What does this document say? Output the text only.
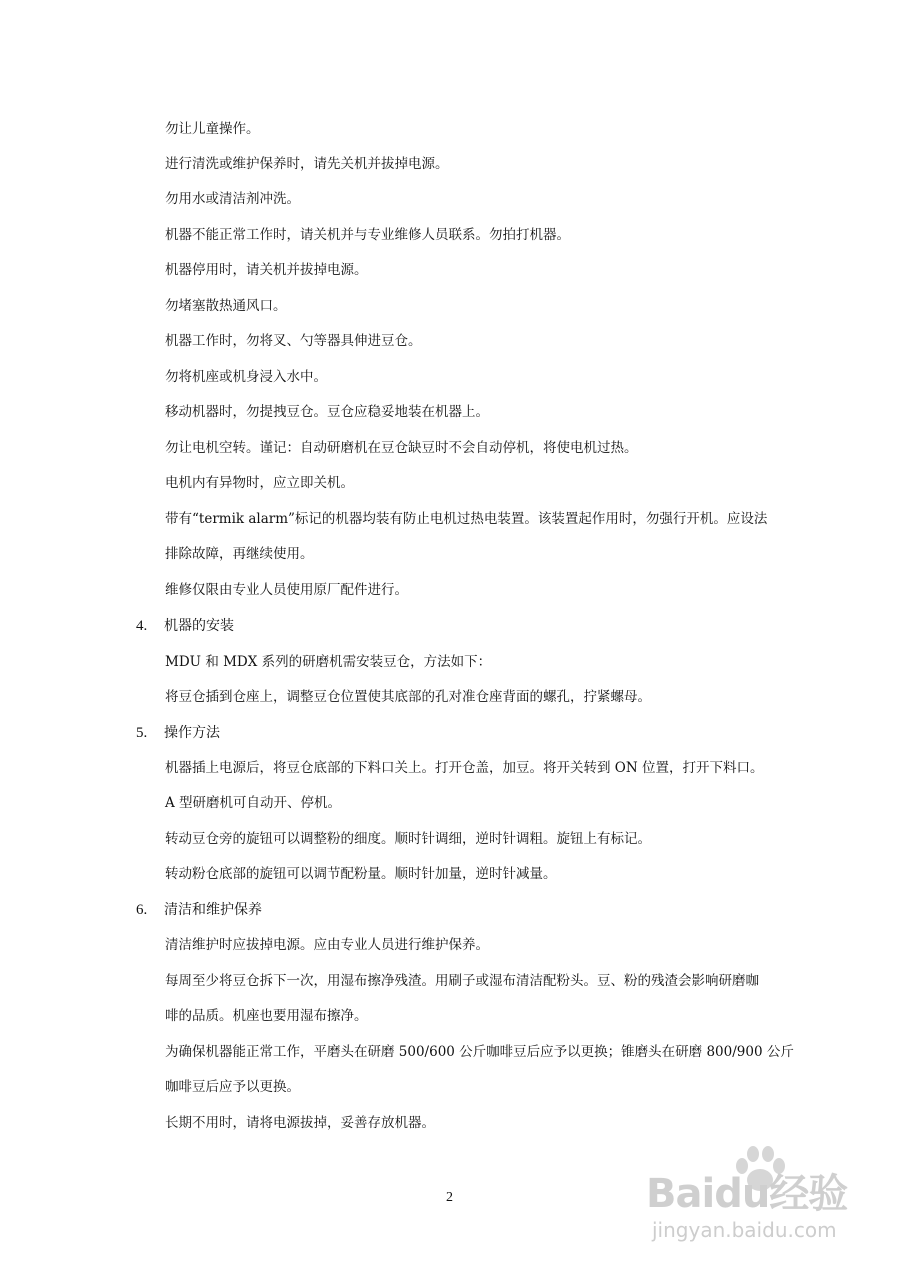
勿让儿童操作。
进行清洗或维护保养时，请先关机并拔掉电源。
勿用水或清洁剂冲洗。
机器不能正常工作时，请关机并与专业维修人员联系。勿拍打机器。
机器停用时，请关机并拔掉电源。
勿堵塞散热通风口。
机器工作时，勿将叉、勺等器具伸进豆仓。
勿将机座或机身浸入水中。
移动机器时，勿提拽豆仓。豆仓应稳妥地装在机器上。
勿让电机空转。谨记：自动研磨机在豆仓缺豆时不会自动停机，将使电机过热。
电机内有异物时，应立即关机。
带有“termik alarm”标记的机器均装有防止电机过热电装置。该装置起作用时，勿强行开机。应设法
排除故障，再继续使用。
维修仅限由专业人员使用原厂配件进行。
4. 机器的安装
MDU 和 MDX 系列的研磨机需安装豆仓，方法如下：
将豆仓插到仓座上，调整豆仓位置使其底部的孔对准仓座背面的螺孔，拧紧螺母。
5. 操作方法
机器插上电源后，将豆仓底部的下料口关上。打开仓盖，加豆。将开关转到 ON 位置，打开下料口。
A 型研磨机可自动开、停机。
转动豆仓旁的旋钮可以调整粉的细度。顺时针调细，逆时针调粗。旋钮上有标记。
转动粉仓底部的旋钮可以调节配粉量。顺时针加量，逆时针减量。
6. 清洁和维护保养
清洁维护时应拔掉电源。应由专业人员进行维护保养。
每周至少将豆仓拆下一次，用湿布擦净残渣。用刷子或湿布清洁配粉头。豆、粉的残渣会影响研磨咖
啡的品质。机座也要用湿布擦净。
为确保机器能正常工作，平磨头在研磨 500/600 公斤咖啡豆后应予以更换；锥磨头在研磨 800/900 公斤
咖啡豆后应予以更换。
长期不用时，请将电源拔掉，妥善存放机器。
2	Baidu经验
jingyan.baidu.com
